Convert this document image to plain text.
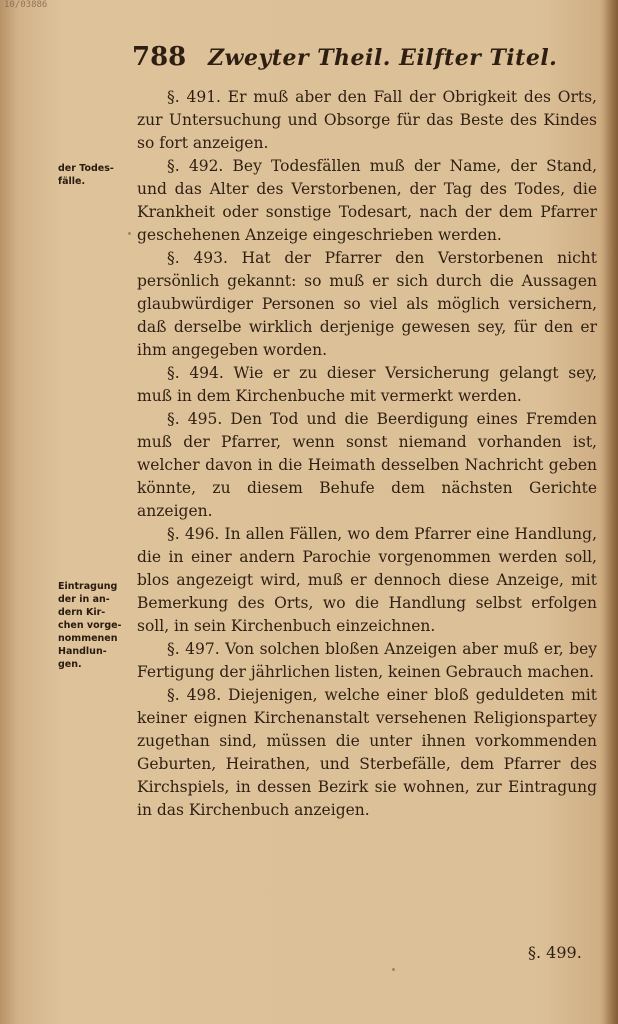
10/03886
788 Zweyter Theil. Eilfter Titel.
der Todes-
fälle.
Eintragung
der in an-
dern Kir-
chen vorge-
nommenen
Handlun-
gen.

§. 491. Er muß aber den Fall der Obrigkeit des Orts, zur Untersuchung und Obsorge für das Beste des Kindes so fort anzeigen.

§. 492. Bey Todesfällen muß der Name, der Stand, und das Alter des Verstorbenen, der Tag des Todes, die Krankheit oder sonstige Todesart, nach der dem Pfarrer geschehenen Anzeige eingeschrieben werden.

§. 493. Hat der Pfarrer den Verstorbenen nicht persönlich gekannt: so muß er sich durch die Aussagen glaubwürdiger Personen so viel als möglich versichern, daß derselbe wirklich derjenige gewesen sey, für den er ihm angegeben worden.

§. 494. Wie er zu dieser Versicherung gelangt sey, muß in dem Kirchenbuche mit vermerkt werden.

§. 495. Den Tod und die Beerdigung eines Fremden muß der Pfarrer, wenn sonst niemand vorhanden ist, welcher davon in die Heimath desselben Nachricht geben könnte, zu diesem Behufe dem nächsten Gerichte anzeigen.

§. 496. In allen Fällen, wo dem Pfarrer eine Handlung, die in einer andern Parochie vorgenommen werden soll, blos angezeigt wird, muß er dennoch diese Anzeige, mit Bemerkung des Orts, wo die Handlung selbst erfolgen soll, in sein Kirchenbuch einzeichnen.

§. 497. Von solchen bloßen Anzeigen aber muß er, bey Fertigung der jährlichen listen, keinen Gebrauch machen.

§. 498. Diejenigen, welche einer bloß geduldeten mit keiner eignen Kirchenanstalt versehenen Religionspartey zugethan sind, müssen die unter ihnen vorkommenden Geburten, Heirathen, und Sterbefälle, dem Pfarrer des Kirchspiels, in dessen Bezirk sie wohnen, zur Eintragung in das Kirchenbuch anzeigen.

§. 499.
